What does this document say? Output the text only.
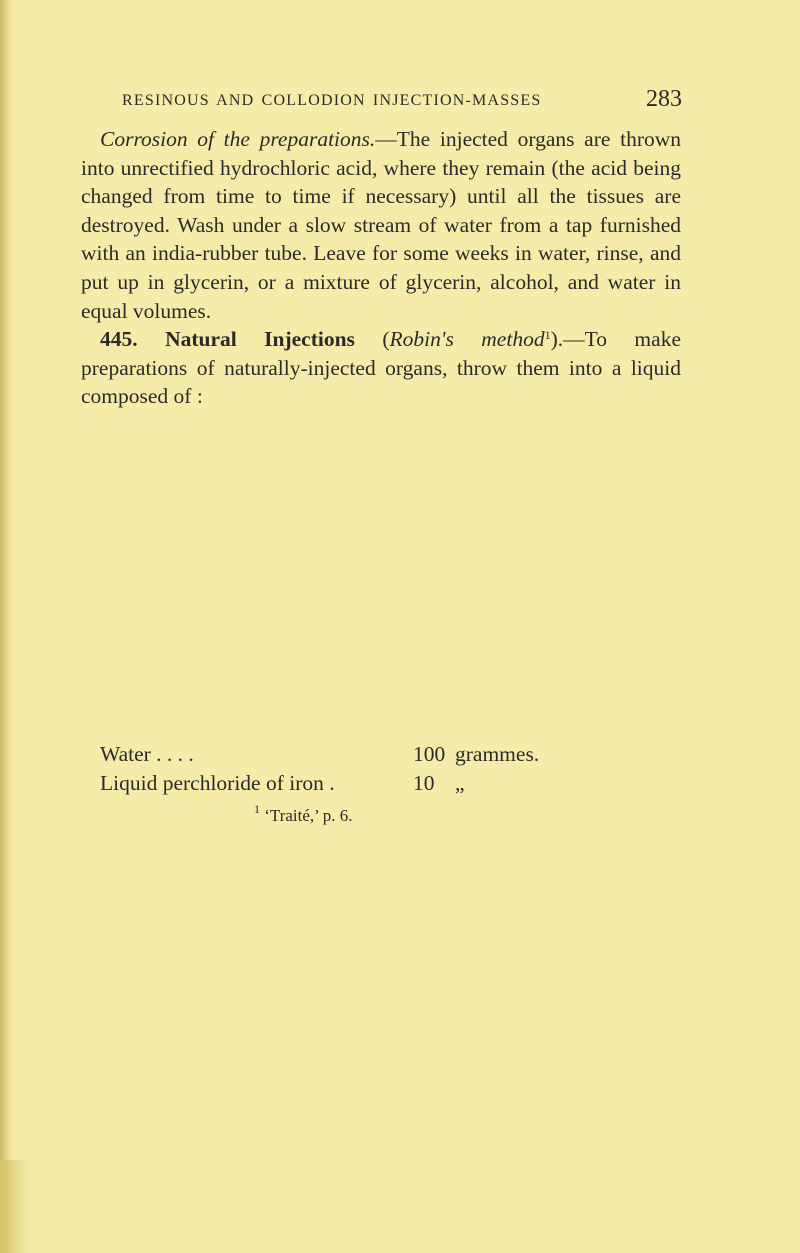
RESINOUS AND COLLODION INJECTION-MASSES	283

Corrosion of the preparations.—The injected organs are thrown into unrectified hydrochloric acid, where they remain (the acid being changed from time to time if necessary) until all the tissues are destroyed. Wash under a slow stream of water from a tap furnished with an india-rubber tube. Leave for some weeks in water, rinse, and put up in glycerin, or a mixture of glycerin, alcohol, and water in equal volumes.

445. Natural Injections (Robin's method$^1$).—To make preparations of naturally-injected organs, throw them into a liquid composed of :

Water . . . .	100 grammes.
Liquid perchloride of iron .	10 „
$^1$ ‘Traité,’ p. 6.
